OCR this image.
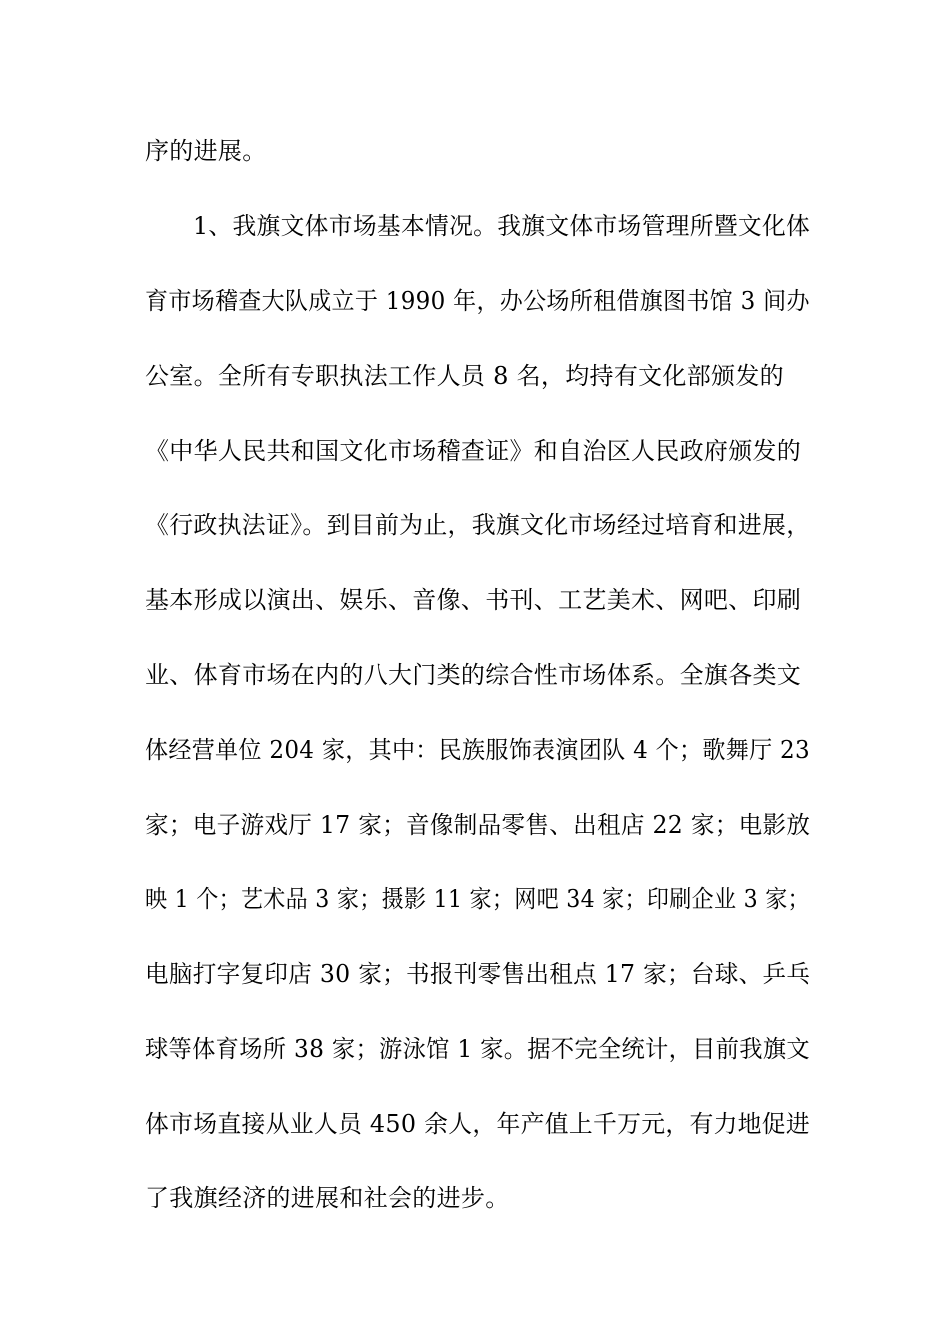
序的进展。
1、我旗文体市场基本情况。我旗文体市场管理所暨文化体
育市场稽查大队成立于 1990 年，办公场所租借旗图书馆 3 间办
公室。全所有专职执法工作人员 8 名，均持有文化部颁发的
《中华人民共和国文化市场稽查证》和自治区人民政府颁发的
《行政执法证》。到目前为止，我旗文化市场经过培育和进展，
基本形成以演出、娱乐、音像、书刊、工艺美术、网吧、印刷
业、体育市场在内的八大门类的综合性市场体系。全旗各类文
体经营单位 204 家，其中：民族服饰表演团队 4 个；歌舞厅 23
家；电子游戏厅 17 家；音像制品零售、出租店 22 家；电影放
映 1 个；艺术品 3 家；摄影 11 家；网吧 34 家；印刷企业 3 家；
电脑打字复印店 30 家；书报刊零售出租点 17 家；台球、乒乓
球等体育场所 38 家；游泳馆 1 家。据不完全统计，目前我旗文
体市场直接从业人员 450 余人，年产值上千万元，有力地促进
了我旗经济的进展和社会的进步。
